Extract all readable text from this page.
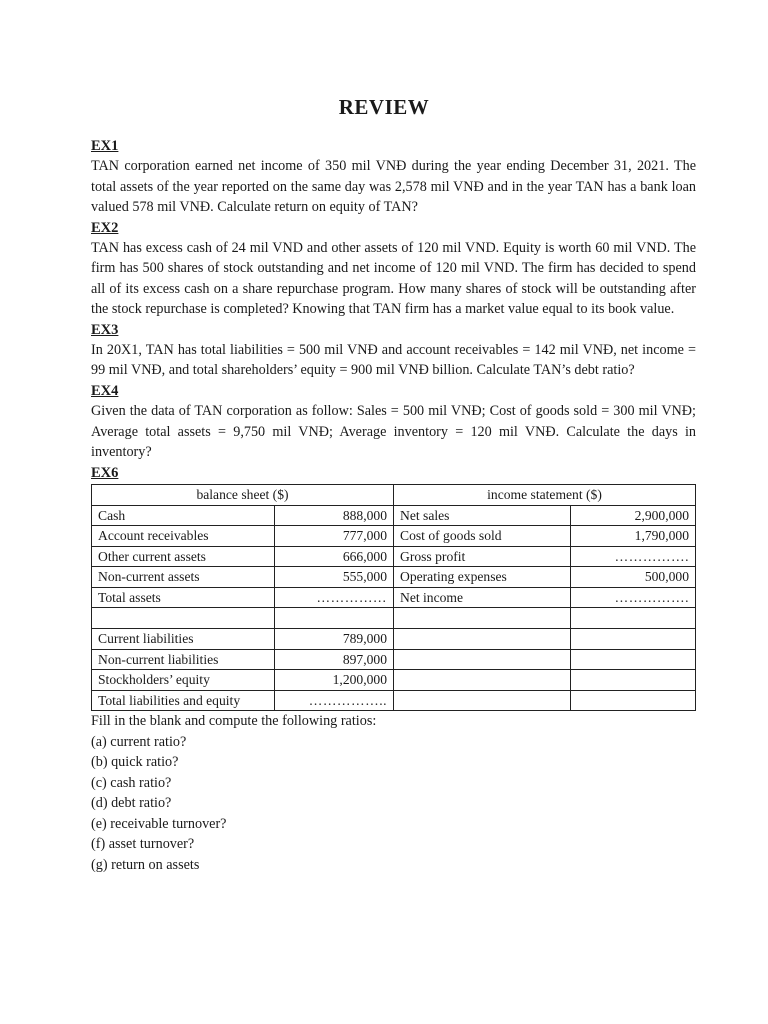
REVIEW
EX1
TAN corporation earned net income of 350 mil VNĐ during the year ending December 31, 2021. The total assets of the year reported on the same day was 2,578 mil VNĐ and in the year TAN has a bank loan valued 578 mil VNĐ. Calculate return on equity of TAN?
EX2
TAN has excess cash of 24 mil VND and other assets of 120 mil VND. Equity is worth 60 mil VND. The firm has 500 shares of stock outstanding and net income of 120 mil VND. The firm has decided to spend all of its excess cash on a share repurchase program. How many shares of stock will be outstanding after the stock repurchase is completed? Knowing that TAN firm has a market value equal to its book value.
EX3
In 20X1, TAN has total liabilities = 500 mil VNĐ and account receivables = 142 mil VNĐ, net income = 99 mil VNĐ, and total shareholders’ equity = 900 mil VNĐ billion. Calculate TAN’s debt ratio?
EX4
Given the data of TAN corporation as follow: Sales = 500 mil VNĐ; Cost of goods sold = 300 mil VNĐ; Average total assets = 9,750 mil VNĐ; Average inventory = 120 mil VNĐ. Calculate the days in inventory?
EX6
balance sheet ($)		income statement ($)	
Cash	888,000	Net sales	2,900,000
Account receivables	777,000	Cost of goods sold	1,790,000
Other current assets	666,000	Gross profit	…………….
Non-current assets	555,000	Operating expenses	500,000
Total assets	……………	Net income	…………….

Current liabilities	789,000		
Non-current liabilities	897,000		
Stockholders’ equity	1,200,000		
Total liabilities and equity	……………..		
Fill in the blank and compute the following ratios:
(a) current ratio?
(b) quick ratio?
(c) cash ratio?
(d) debt ratio?
(e) receivable turnover?
(f) asset turnover?
(g) return on assets
